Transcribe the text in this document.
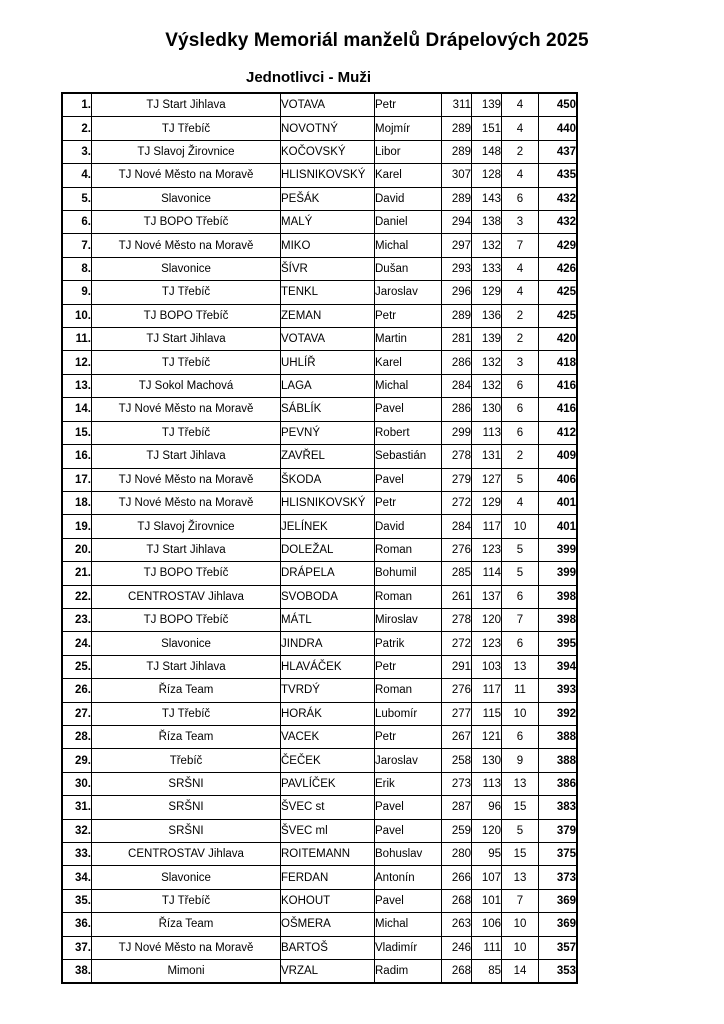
Výsledky Memoriál manželů Drápelových 2025
Jednotlivci - Muži
1.	TJ Start Jihlava	VOTAVA	Petr	311	139	4	450
2.	TJ Třebíč	NOVOTNÝ	Mojmír	289	151	4	440
3.	TJ Slavoj Žirovnice	KOČOVSKÝ	Libor	289	148	2	437
4.	TJ Nové Město na Moravě	HLISNIKOVSKÝ	Karel	307	128	4	435
5.	Slavonice	PEŠÁK	David	289	143	6	432
6.	TJ BOPO Třebíč	MALÝ	Daniel	294	138	3	432
7.	TJ Nové Město na Moravě	MIKO	Michal	297	132	7	429
8.	Slavonice	ŠÍVR	Dušan	293	133	4	426
9.	TJ Třebíč	TENKL	Jaroslav	296	129	4	425
10.	TJ BOPO Třebíč	ZEMAN	Petr	289	136	2	425
11.	TJ Start Jihlava	VOTAVA	Martin	281	139	2	420
12.	TJ Třebíč	UHLÍŘ	Karel	286	132	3	418
13.	TJ Sokol Machová	LAGA	Michal	284	132	6	416
14.	TJ Nové Město na Moravě	SÁBLÍK	Pavel	286	130	6	416
15.	TJ Třebíč	PEVNÝ	Robert	299	113	6	412
16.	TJ Start Jihlava	ZAVŘEL	Sebastián	278	131	2	409
17.	TJ Nové Město na Moravě	ŠKODA	Pavel	279	127	5	406
18.	TJ Nové Město na Moravě	HLISNIKOVSKÝ	Petr	272	129	4	401
19.	TJ Slavoj Žirovnice	JELÍNEK	David	284	117	10	401
20.	TJ Start Jihlava	DOLEŽAL	Roman	276	123	5	399
21.	TJ BOPO Třebíč	DRÁPELA	Bohumil	285	114	5	399
22.	CENTROSTAV Jihlava	SVOBODA	Roman	261	137	6	398
23.	TJ BOPO Třebíč	MÁTL	Miroslav	278	120	7	398
24.	Slavonice	JINDRA	Patrik	272	123	6	395
25.	TJ Start Jihlava	HLAVÁČEK	Petr	291	103	13	394
26.	Říza Team	TVRDÝ	Roman	276	117	11	393
27.	TJ Třebíč	HORÁK	Lubomír	277	115	10	392
28.	Říza Team	VACEK	Petr	267	121	6	388
29.	Třebíč	ČEČEK	Jaroslav	258	130	9	388
30.	SRŠNI	PAVLÍČEK	Erik	273	113	13	386
31.	SRŠNI	ŠVEC st	Pavel	287	96	15	383
32.	SRŠNI	ŠVEC ml	Pavel	259	120	5	379
33.	CENTROSTAV Jihlava	ROITEMANN	Bohuslav	280	95	15	375
34.	Slavonice	FERDAN	Antonín	266	107	13	373
35.	TJ Třebíč	KOHOUT	Pavel	268	101	7	369
36.	Říza Team	OŠMERA	Michal	263	106	10	369
37.	TJ Nové Město na Moravě	BARTOŠ	Vladimír	246	111	10	357
38.	Mimoni	VRZAL	Radim	268	85	14	353
